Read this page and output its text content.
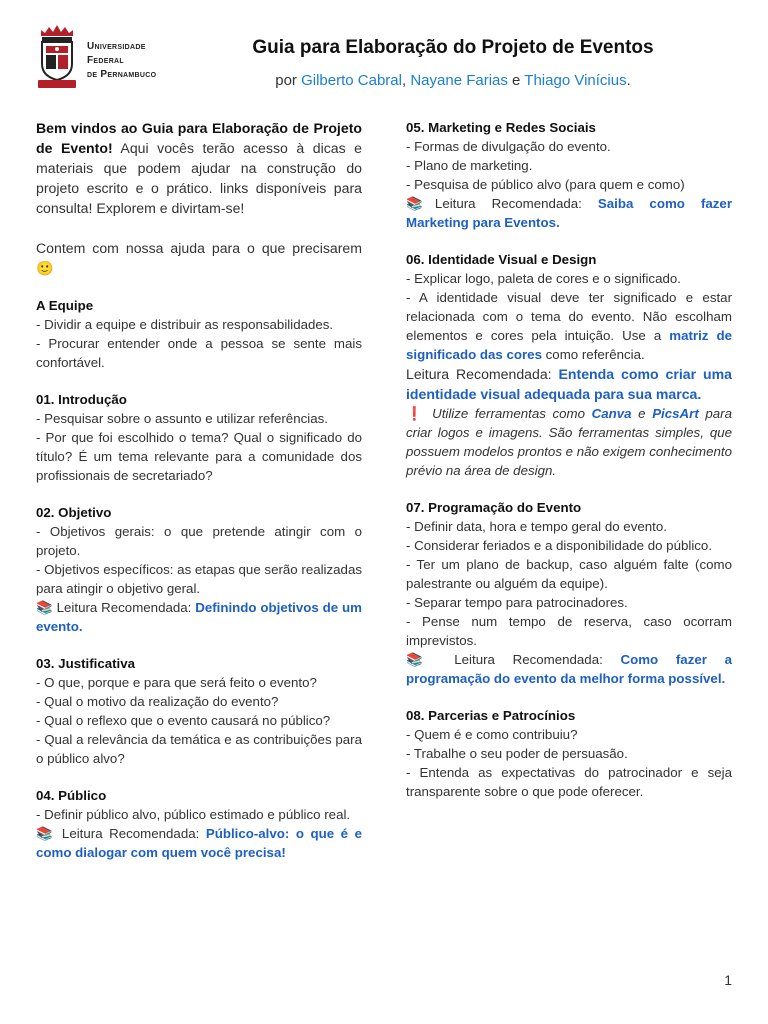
Universidade
Federal
de Pernambuco
Guia para Elaboração do Projeto de Eventos
por Gilberto Cabral, Nayane Farias e Thiago Vinícius.

Bem vindos ao Guia para Elaboração de Projeto de Evento! Aqui vocês terão acesso à dicas e materiais que podem ajudar na construção do projeto escrito e o prático. links disponíveis para consulta! Explorem e divirtam-se!

Contem com nossa ajuda para o que precisarem 🙂

A Equipe
- Dividir a equipe e distribuir as responsabilidades.
- Procurar entender onde a pessoa se sente mais confortável.
01. Introdução
- Pesquisar sobre o assunto e utilizar referências.
- Por que foi escolhido o tema? Qual o significado do título? É um tema relevante para a comunidade dos profissionais de secretariado?
02. Objetivo
- Objetivos gerais: o que pretende atingir com o projeto.
- Objetivos específicos: as etapas que serão realizadas para atingir o objetivo geral.

📚 Leitura Recomendada: Definindo objetivos de um evento.

03. Justificativa
- O que, porque e para que será feito o evento?
- Qual o motivo da realização do evento?
- Qual o reflexo que o evento causará no público?
- Qual a relevância da temática e as contribuições para o público alvo?
04. Público
- Definir público alvo, público estimado e público real.

📚 Leitura Recomendada: Público-alvo: o que é e como dialogar com quem você precisa!

05. Marketing e Redes Sociais
- Formas de divulgação do evento.
- Plano de marketing.
- Pesquisa de público alvo (para quem e como)

📚Leitura Recomendada: Saiba como fazer Marketing para Eventos.

06. Identidade Visual e Design
- Explicar logo, paleta de cores e o significado.
- A identidade visual deve ter significado e estar relacionada com o tema do evento. Não escolham elementos e cores pela intuição. Use a matriz de significado das cores como referência.

Leitura Recomendada: Entenda como criar uma identidade visual adequada para sua marca.

❗ Utilize ferramentas como Canva e PicsArt para criar logos e imagens. São ferramentas simples, que possuem modelos prontos e não exigem conhecimento prévio na área de design.

07. Programação do Evento
- Definir data, hora e tempo geral do evento.
- Considerar feriados e a disponibilidade do público.
- Ter um plano de backup, caso alguém falte (como palestrante ou alguém da equipe).
- Separar tempo para patrocinadores.
- Pense num tempo de reserva, caso ocorram imprevistos.

📚 Leitura Recomendada: Como fazer a programação do evento da melhor forma possível.

08. Parcerias e Patrocínios
- Quem é e como contribuiu?
- Trabalhe o seu poder de persuasão.
- Entenda as expectativas do patrocinador e seja transparente sobre o que pode oferecer.
1
